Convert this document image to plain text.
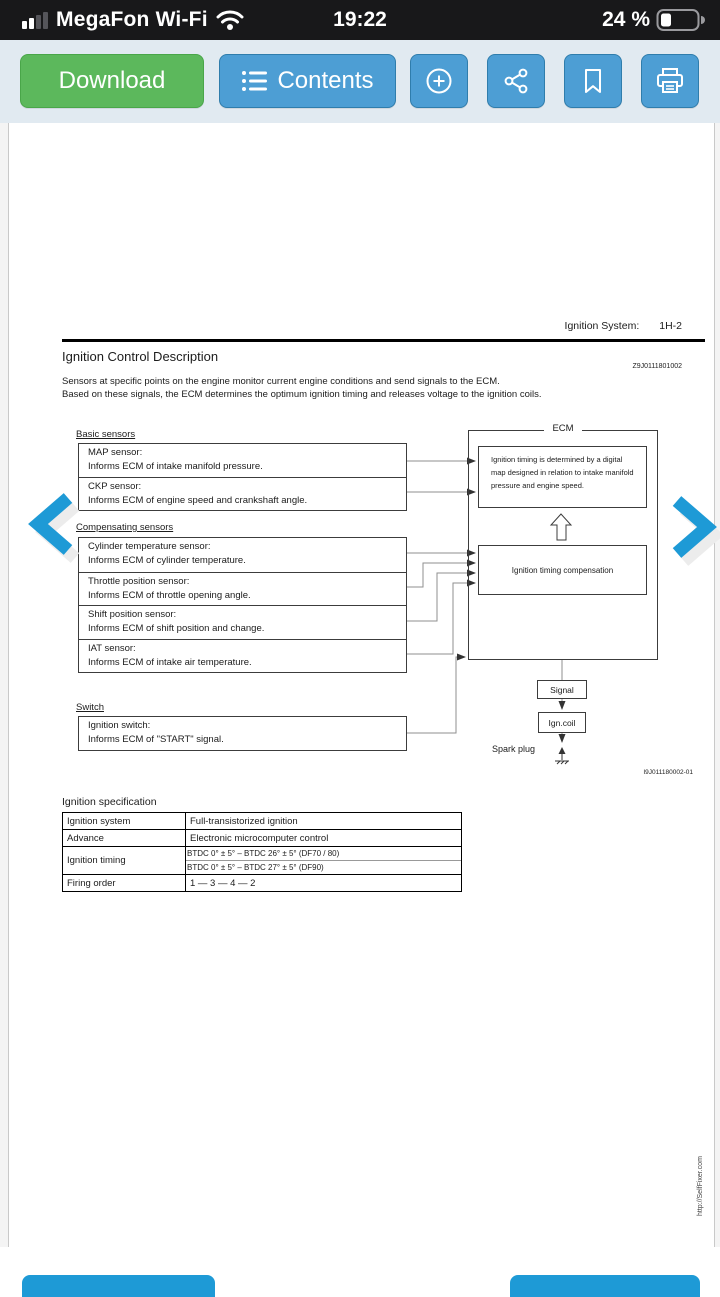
MegaFon Wi-Fi	19:22	24 %
Download	Contents
Ignition System: 1H-2
Ignition Control Description
Z9J0111801002
Sensors at specific points on the engine monitor current engine conditions and send signals to the ECM.
Based on these signals, the ECM determines the optimum ignition timing and releases voltage to the ignition coils.
Basic sensors
MAP sensor:
Informs ECM of intake manifold pressure.
CKP sensor:
Informs ECM of engine speed and crankshaft angle.
Compensating sensors
Cylinder temperature sensor:
Informs ECM of cylinder temperature.
Throttle position sensor:
Informs ECM of throttle opening angle.
Shift position sensor:
Informs ECM of shift position and change.
IAT sensor:
Informs ECM of intake air temperature.
Switch
Ignition switch:
Informs ECM of "START" signal.
ECM
Ignition timing is determined by a digital map designed in relation to intake manifold pressure and engine speed.
Ignition timing compensation
Signal
Ign.coil
Spark plug
I9J011180002-01
Ignition specification
Ignition system	Full-transistorized ignition
Advance	Electronic microcomputer control
Ignition timing	BTDC 0° ± 5° – BTDC 26° ± 5° (DF70 / 80)
BTDC 0° ± 5° – BTDC 27° ± 5° (DF90)

Firing order	1 — 3 — 4 — 2
http://SelfFixer.com
